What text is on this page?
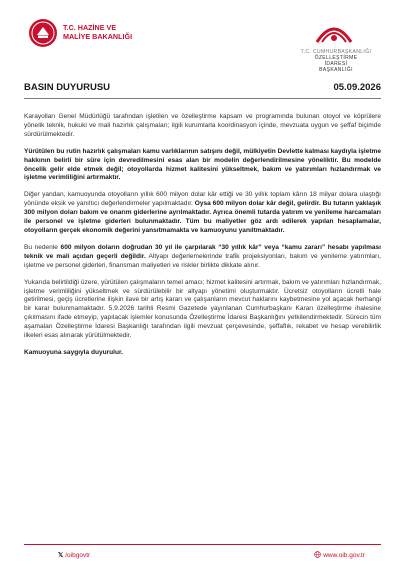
T.C. HAZİNE VE
MALİYE BAKANLIĞI
T.C. CUMHURBAŞKANLIĞI
ÖZELLEŞTİRME
İDARESİ
BAŞKANLIĞI
BASIN DUYURUSU	05.09.2026

Karayolları Genel Müdürlüğü tarafından işletilen ve özelleştirme kapsam ve programında bulunan otoyol ve köprülere yönelik teknik, hukuki ve mali hazırlık çalışmaları; ilgili kurumlarla koordinasyon içinde, mevzuata uygun ve şeffaf biçimde sürdürülmektedir.

Yürütülen bu rutin hazırlık çalışmaları kamu varlıklarının satışını değil, mülkiyetin Devlette kalması kaydıyla işletme hakkının belirli bir süre için devredilmesini esas alan bir modelin değerlendirilmesine yöneliktir. Bu modelde öncelik gelir elde etmek değil; otoyollarda hizmet kalitesini yükseltmek, bakım ve yatırımları hızlandırmak ve işletme verimliliğini artırmaktır.

Diğer yandan, kamuoyunda otoyolların yıllık 600 milyon dolar kâr ettiği ve 30 yıllık toplam kârın 18 milyar dolara ulaştığı yönünde eksik ve yanıltıcı değerlendirmeler yapılmaktadır. Oysa 600 milyon dolar kâr değil, gelirdir. Bu tutarın yaklaşık 300 milyon doları bakım ve onarım giderlerine ayrılmaktadır. Ayrıca önemli tutarda yatırım ve yenileme harcamaları ile personel ve işletme giderleri bulunmaktadır. Tüm bu maliyetler göz ardı edilerek yapılan hesaplamalar, otoyolların gerçek ekonomik değerini yansıtmamakta ve kamuoyunu yanıltmaktadır.

Bu nedenle 600 milyon doların doğrudan 30 yıl ile çarpılarak “30 yıllık kâr” veya “kamu zararı” hesabı yapılması teknik ve mali açıdan geçerli değildir. Altyapı değerlemelerinde trafik projeksiyonları, bakım ve yenileme yatırımları, işletme ve personel giderleri, finansman maliyetleri ve riskler birlikte dikkate alınır.

Yukarıda belirtildiği üzere, yürütülen çalışmaların temel amacı; hizmet kalitesini artırmak, bakım ve yatırımları hızlandırmak, işletme verimliliğini yükseltmek ve sürdürülebilir bir altyapı yönetimi oluşturmaktır. Ücretsiz otoyolların ücretli hale getirilmesi, geçiş ücretlerine ilişkin ilave bir artış kararı ve çalışanların mevcut haklarını kaybetmesine yol açacak herhangi bir karar bulunmamaktadır. 5.9.2026 tarihli Resmi Gazetede yayınlanan Cumhurbaşkanı Kararı özelleştirme ihalesine çıkılmasını ifade etmeyip, yapılacak işlemler konusunda Özelleştirme İdaresi Başkanlığını yetkilendirmektedir. Sürecin tüm aşamaları Özelleştirme İdaresi Başkanlığı tarafından ilgili mevzuat çerçevesinde, şeffaflık, rekabet ve hesap verebilirlik ilkeleri esas alınarak yürütülmektedir.

Kamuoyuna saygıyla duyurulur.

𝕏 /oibgovtr	www.oib.gov.tr
